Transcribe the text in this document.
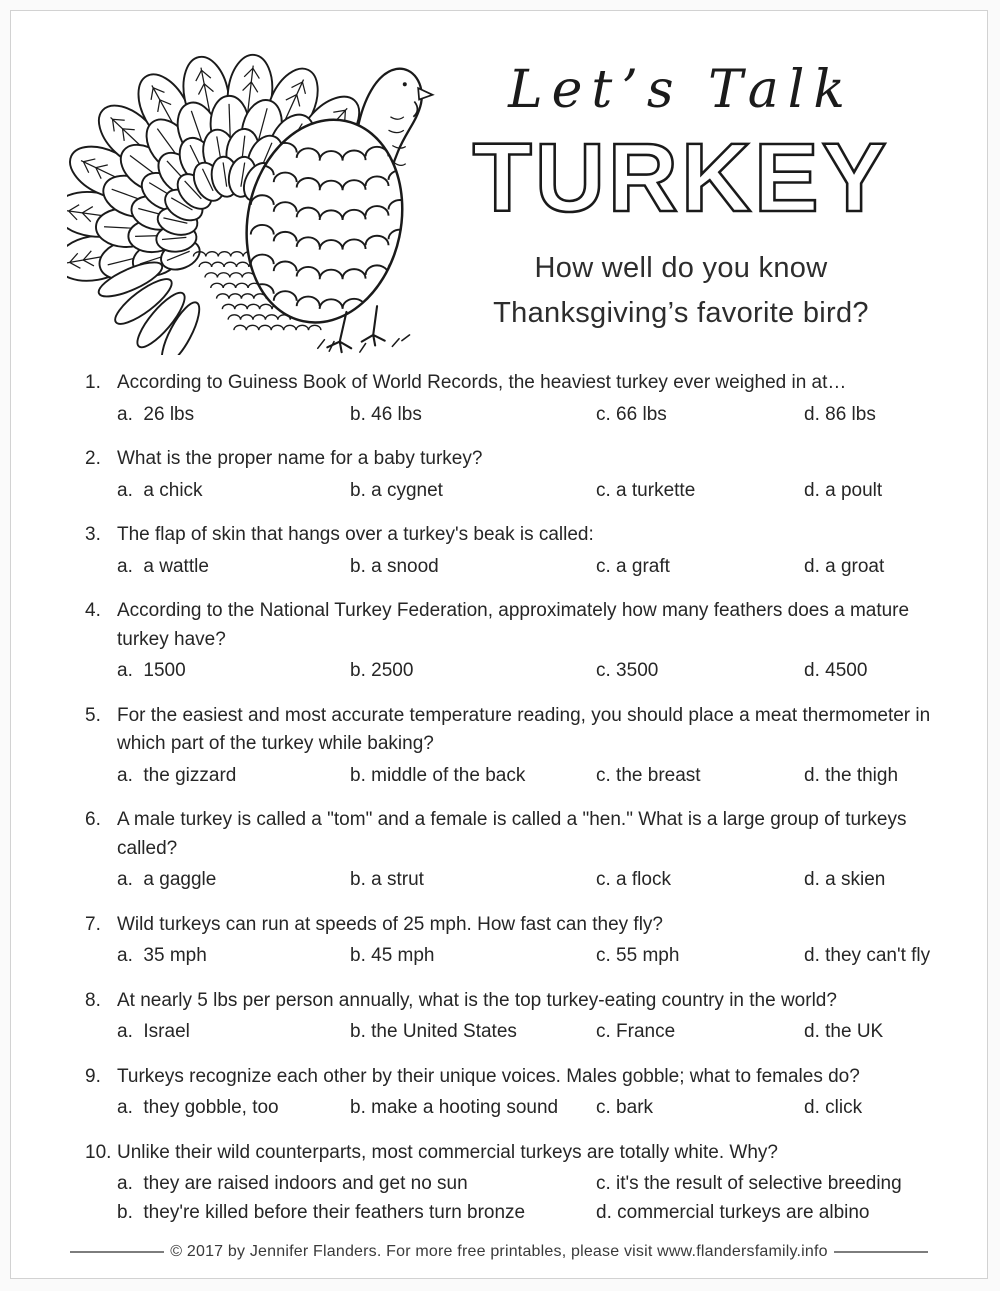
Let’s Talk
TURKEY
How well do you know
Thanksgiving’s favorite bird?
1. According to Guiness Book of World Records, the heaviest turkey ever weighed in at…
a.  26 lbs	b. 46 lbs	c. 66 lbs	d. 86 lbs
2. What is the proper name for a baby turkey?
a.  a chick	b. a cygnet	c. a turkette	d. a poult
3. The flap of skin that hangs over a turkey's beak is called:
a.  a wattle	b. a snood	c. a graft	d. a groat
4. According to the National Turkey Federation, approximately how many feathers does a mature turkey have?
a.  1500	b. 2500	c. 3500	d. 4500
5. For the easiest and most accurate temperature reading, you should place a meat thermometer in which part of the turkey while baking?
a.  the gizzard	b. middle of the back	c. the breast	d. the thigh
6. A male turkey is called a "tom" and a female is called a "hen." What is a large group of turkeys called?
a.  a gaggle	b. a strut	c. a flock	d. a skien
7. Wild turkeys can run at speeds of 25 mph. How fast can they fly?
a.  35 mph	b. 45 mph	c. 55 mph	d. they can't fly
8. At nearly 5 lbs per person annually, what is the top turkey-eating country in the world?
a.  Israel	b. the United States	c. France	d. the UK
9. Turkeys recognize each other by their unique voices. Males gobble; what to females do?
a.  they gobble, too	b. make a hooting sound	c. bark	d. click
10. Unlike their wild counterparts, most commercial turkeys are totally white. Why?
a.  they are raised indoors and get no sun	c. it's the result of selective breeding
b.  they're killed before their feathers turn bronze	d. commercial turkeys are albino
© 2017 by Jennifer Flanders. For more free printables, please visit www.flandersfamily.info
